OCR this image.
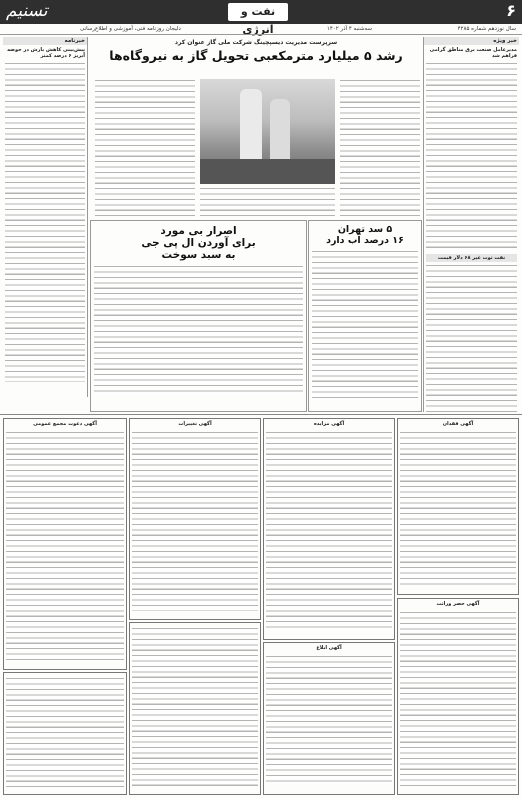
۶
نفت و انرژی
تسنیم
سال نوزدهم شماره ۴۲۸۵
سه‌شنبه ۴ آذر ۱۴۰۲
دلیجان روزنامه فنی، آموزشی و اطلاع‌رسانی
خبر ویژه
مدیرعامل صنعت برق مناطق گرامی فراهم شد
نفت توت غیر ۶۸ دلار قیمت
خبرنامه
پیش‌بینی کاهش بارش در حوضه آبریز ۶ درصد کمتر
سرپرست مدیریت دیسپچینگ شرکت ملی گاز عنوان کرد
رشد ۵ میلیارد مترمکعبی تحویل گاز به نیروگاه‌ها
۵ سد تهران
۱۶ درصد آب دارد
اصرار بی مورد
برای آوردن ال پی جی
به سبد سوخت
آگهی فقدان
آگهی مزایده
آگهی تغییرات
آگهی دعوت مجمع عمومی
آگهی حصر وراثت
آگهی ابلاغ
